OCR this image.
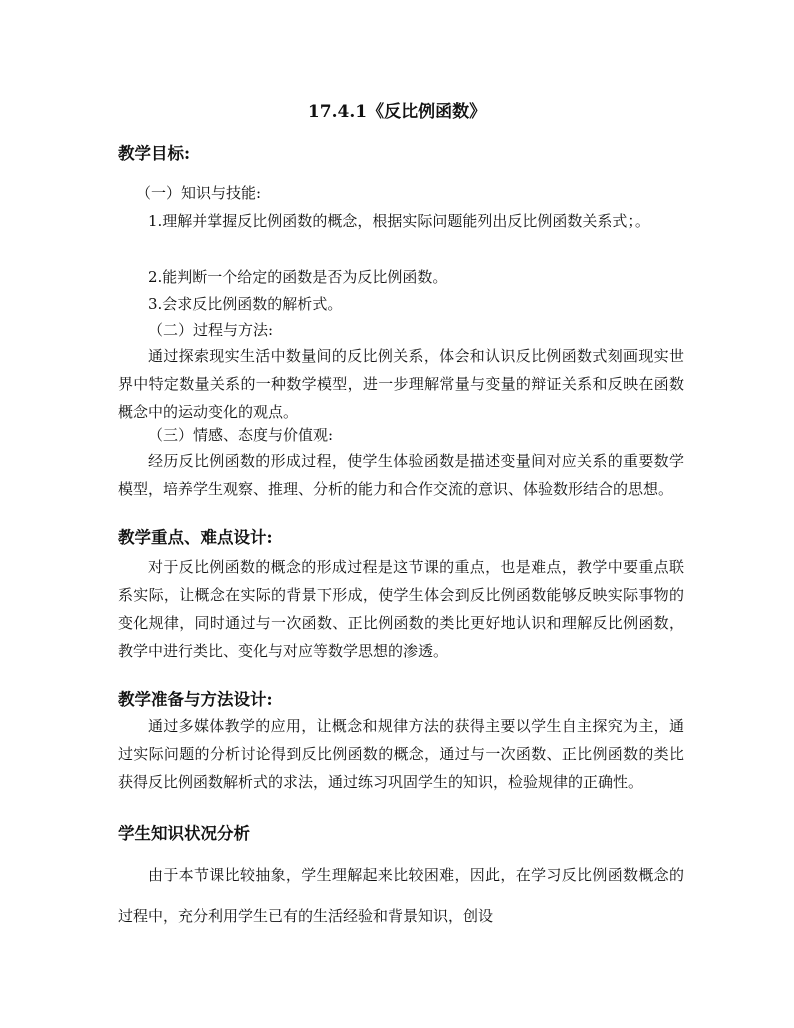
17.4.1《反比例函数》
教学目标:
（一）知识与技能:

1.理解并掌握反比例函数的概念，根据实际问题能列出反比例函数关系式；。

2.能判断一个给定的函数是否为反比例函数。
3.会求反比例函数的解析式。
（二）过程与方法:

通过探索现实生活中数量间的反比例关系，体会和认识反比例函数式刻画现实世界中特定数量关系的一种数学模型，进一步理解常量与变量的辩证关系和反映在函数概念中的运动变化的观点。

（三）情感、态度与价值观:

经历反比例函数的形成过程，使学生体验函数是描述变量间对应关系的重要数学模型，培养学生观察、推理、分析的能力和合作交流的意识、体验数形结合的思想。

教学重点、难点设计:

对于反比例函数的概念的形成过程是这节课的重点，也是难点，教学中要重点联系实际，让概念在实际的背景下形成，使学生体会到反比例函数能够反映实际事物的变化规律，同时通过与一次函数、正比例函数的类比更好地认识和理解反比例函数，教学中进行类比、变化与对应等数学思想的渗透。

教学准备与方法设计:

通过多媒体教学的应用，让概念和规律方法的获得主要以学生自主探究为主，通过实际问题的分析讨论得到反比例函数的概念，通过与一次函数、正比例函数的类比获得反比例函数解析式的求法，通过练习巩固学生的知识，检验规律的正确性。

学生知识状况分析

由于本节课比较抽象，学生理解起来比较困难，因此，在学习反比例函数概念的过程中，充分利用学生已有的生活经验和背景知识，创设
